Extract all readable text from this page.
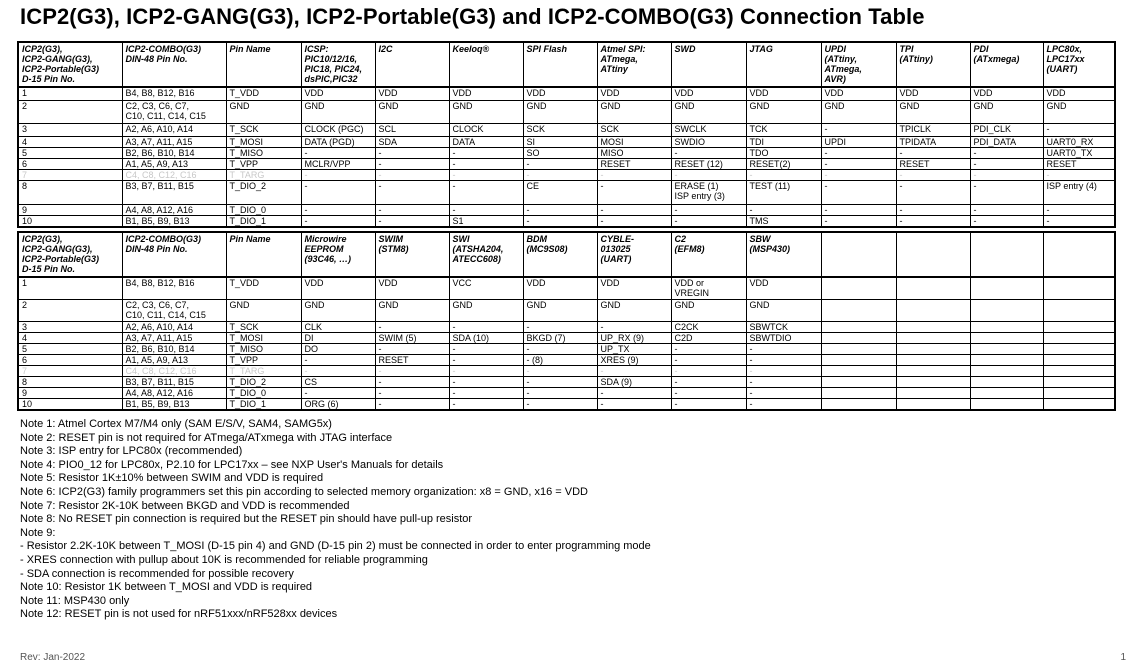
ICP2(G3), ICP2-GANG(G3), ICP2-Portable(G3) and ICP2-COMBO(G3) Connection Table
ICP2(G3),
ICP2-GANG(G3),
ICP2-Portable(G3)
D-15 Pin No.	ICP2-COMBO(G3)
DIN-48 Pin No.	Pin Name	ICSP:
PIC10/12/16,
PIC18, PIC24,
dsPIC,PIC32	I2C	Keeloq®	SPI Flash	Atmel SPI:
ATmega,
ATtiny	SWD	JTAG	UPDI
(ATtiny,
ATmega,
AVR)	TPI
(ATtiny)	PDI
(ATxmega)	LPC80x,
LPC17xx
(UART)
1	B4, B8, B12, B16	T_VDD	VDD	VDD	VDD	VDD	VDD	VDD	VDD	VDD	VDD	VDD	VDD
2	C2, C3, C6, C7,
C10, C11, C14, C15	GND	GND	GND	GND	GND	GND	GND	GND	GND	GND	GND	GND
3	A2, A6, A10, A14	T_SCK	CLOCK (PGC)	SCL	CLOCK	SCK	SCK	SWCLK	TCK	-	TPICLK	PDI_CLK	-
4	A3, A7, A11, A15	T_MOSI	DATA (PGD)	SDA	DATA	SI	MOSI	SWDIO	TDI	UPDI	TPIDATA	PDI_DATA	UART0_RX
5	B2, B6, B10, B14	T_MISO	-	-	-	SO	MISO	-	TDO	-	-	-	UART0_TX
6	A1, A5, A9, A13	T_VPP	MCLR/VPP	-	-	-	RESET	RESET (12)	RESET(2)	-	RESET	-	RESET
7	C4, C8, C12, C16	T_TARG	-	-	-	-	-	-	-	-	-	-	-
8	B3, B7, B11, B15	T_DIO_2	-	-	-	CE	-	ERASE (1)
ISP entry (3)	TEST (11)	-	-	-	ISP entry (4)
9	A4, A8, A12, A16	T_DIO_0	-	-	-	-	-	-	-	-	-	-	-
10	B1, B5, B9, B13	T_DIO_1	-	-	S1	-	-	-	TMS	-	-	-	-
ICP2(G3),
ICP2-GANG(G3),
ICP2-Portable(G3)
D-15 Pin No.	ICP2-COMBO(G3)
DIN-48 Pin No.	Pin Name	Microwire
EEPROM
(93C46, …)	SWIM
(STM8)	SWI
(ATSHA204,
ATECC608)	BDM
(MC9S08)	CYBLE-
013025
(UART)	C2
(EFM8)	SBW
(MSP430)				
1	B4, B8, B12, B16	T_VDD	VDD	VDD	VCC	VDD	VDD	VDD or
VREGIN	VDD				
2	C2, C3, C6, C7,
C10, C11, C14, C15	GND	GND	GND	GND	GND	GND	GND	GND				
3	A2, A6, A10, A14	T_SCK	CLK	-	-	-	-	C2CK	SBWTCK				
4	A3, A7, A11, A15	T_MOSI	DI	SWIM (5)	SDA (10)	BKGD (7)	UP_RX (9)	C2D	SBWTDIO				
5	B2, B6, B10, B14	T_MISO	DO	-	-	-	UP_TX	-	-				
6	A1, A5, A9, A13	T_VPP	-	RESET	-	- (8)	XRES (9)	-	-				
7	C4, C8, C12, C16	T_TARG	-	-	-	-	-	-	-				
8	B3, B7, B11, B15	T_DIO_2	CS	-	-	-	SDA (9)	-	-				
9	A4, A8, A12, A16	T_DIO_0	-	-	-	-	-	-	-				
10	B1, B5, B9, B13	T_DIO_1	ORG (6)	-	-	-	-	-	-				
Note 1: Atmel Cortex M7/M4 only (SAM E/S/V, SAM4, SAMG5x)
Note 2: RESET pin is not required for ATmega/ATxmega with JTAG interface
Note 3: ISP entry for LPC80x (recommended)
Note 4: PIO0_12 for LPC80x, P2.10 for LPC17xx – see NXP User's Manuals for details
Note 5: Resistor 1K±10% between SWIM and VDD is required
Note 6: ICP2(G3) family programmers set this pin according to selected memory organization: x8 = GND, x16 = VDD
Note 7: Resistor 2K-10K between BKGD and VDD is recommended
Note 8: No RESET pin connection is required but the RESET pin should have pull-up resistor
Note 9:
- Resistor 2.2K-10K between T_MOSI (D-15 pin 4) and GND (D-15 pin 2) must be connected in order to enter programming mode
- XRES connection with pullup about 10K is recommended for reliable programming
- SDA connection is recommended for possible recovery
Note 10: Resistor 1K between T_MOSI and VDD is required
Note 11: MSP430 only
Note 12: RESET pin is not used for nRF51xxx/nRF528xx devices
Rev: Jan-2022	1
